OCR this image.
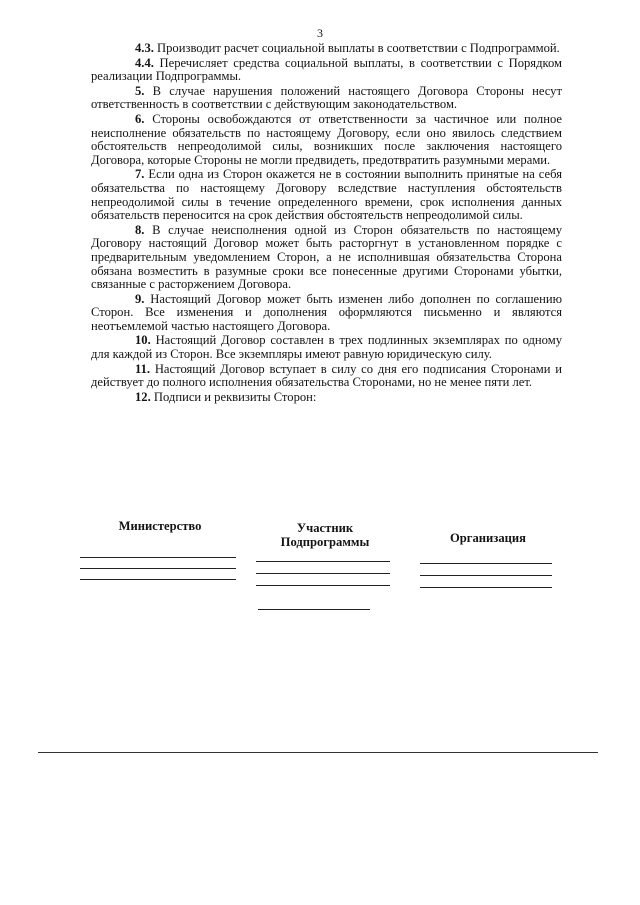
3

4.3. Производит расчет социальной выплаты в соответствии с Подпрограммой.

4.4. Перечисляет средства социальной выплаты, в соответствии с Порядком реализации Подпрограммы.

5. В случае нарушения положений настоящего Договора Стороны несут ответственность в соответствии с действующим законодательством.

6. Стороны освобождаются от ответственности за частичное или полное неисполнение обязательств по настоящему Договору, если оно явилось следствием обстоятельств непреодолимой силы, возникших после заключения настоящего Договора, которые Стороны не могли предвидеть, предотвратить разумными мерами.

7. Если одна из Сторон окажется не в состоянии выполнить принятые на себя обязательства по настоящему Договору вследствие наступления обстоятельств непреодолимой силы в течение определенного времени, срок исполнения данных обязательств переносится на срок действия обстоятельств непреодолимой силы.

8. В случае неисполнения одной из Сторон обязательств по настоящему Договору настоящий Договор может быть расторгнут в установленном порядке с предварительным уведомлением Сторон, а не исполнившая обязательства Сторона обязана возместить в разумные сроки все понесенные другими Сторонами убытки, связанные с расторжением Договора.

9. Настоящий Договор может быть изменен либо дополнен по соглашению Сторон. Все изменения и дополнения оформляются письменно и являются неотъемлемой частью настоящего Договора.

10. Настоящий Договор составлен в трех подлинных экземплярах по одному для каждой из Сторон. Все экземпляры имеют равную юридическую силу.

11. Настоящий Договор вступает в силу со дня его подписания Сторонами и действует до полного исполнения обязательства Сторонами, но не менее пяти лет.

12. Подписи и реквизиты Сторон:

Министерство	Участник
Подпрограммы	Организация
